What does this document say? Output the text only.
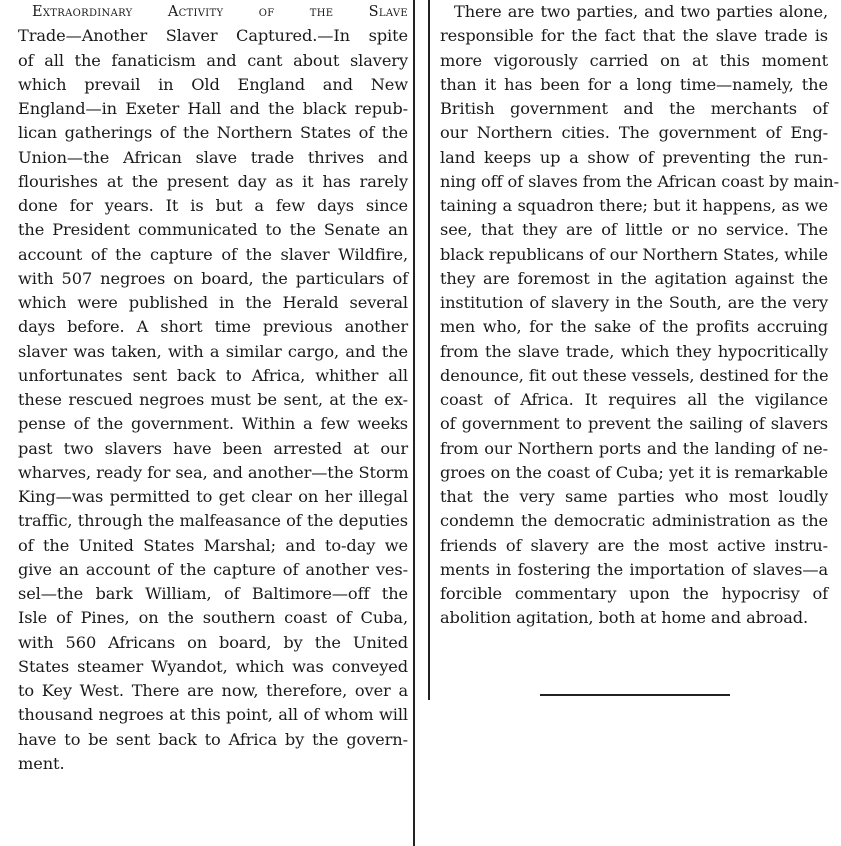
Extraordinary Activity of the Slave
Trade—Another Slaver Captured.—In spite
of all the fanaticism and cant about slavery
which prevail in Old England and New
England—in Exeter Hall and the black repub-
lican gatherings of the Northern States of the
Union—the African slave trade thrives and
flourishes at the present day as it has rarely
done for years. It is but a few days since
the President communicated to the Senate an
account of the capture of the slaver Wildfire,
with 507 negroes on board, the particulars of
which were published in the Herald several
days before. A short time previous another
slaver was taken, with a similar cargo, and the
unfortunates sent back to Africa, whither all
these rescued negroes must be sent, at the ex-
pense of the government. Within a few weeks
past two slavers have been arrested at our
wharves, ready for sea, and another—the Storm
King—was permitted to get clear on her illegal
traffic, through the malfeasance of the deputies
of the United States Marshal; and to-day we
give an account of the capture of another ves-
sel—the bark William, of Baltimore—off the
Isle of Pines, on the southern coast of Cuba,
with 560 Africans on board, by the United
States steamer Wyandot, which was conveyed
to Key West. There are now, therefore, over a
thousand negroes at this point, all of whom will
have to be sent back to Africa by the govern-
ment.
There are two parties, and two parties alone,
responsible for the fact that the slave trade is
more vigorously carried on at this moment
than it has been for a long time—namely, the
British government and the merchants of
our Northern cities. The government of Eng-
land keeps up a show of preventing the run-
ning off of slaves from the African coast by main-
taining a squadron there; but it happens, as we
see, that they are of little or no service. The
black republicans of our Northern States, while
they are foremost in the agitation against the
institution of slavery in the South, are the very
men who, for the sake of the profits accruing
from the slave trade, which they hypocritically
denounce, fit out these vessels, destined for the
coast of Africa. It requires all the vigilance
of government to prevent the sailing of slavers
from our Northern ports and the landing of ne-
groes on the coast of Cuba; yet it is remarkable
that the very same parties who most loudly
condemn the democratic administration as the
friends of slavery are the most active instru-
ments in fostering the importation of slaves—a
forcible commentary upon the hypocrisy of
abolition agitation, both at home and abroad.
